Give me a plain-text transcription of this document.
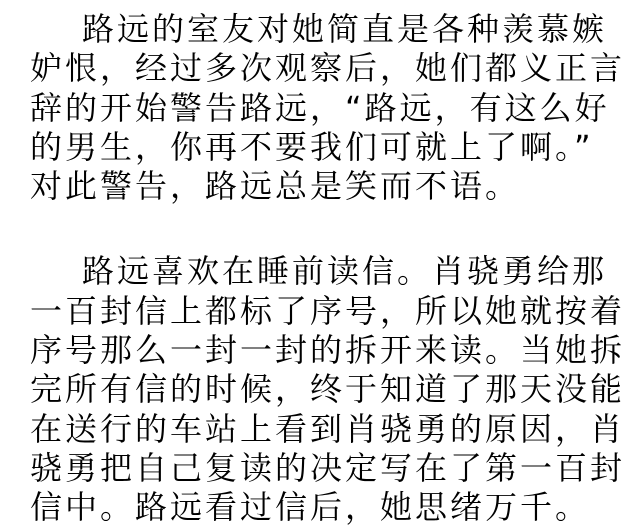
路远的室友对她简直是各种羡慕嫉
妒恨，经过多次观察后，她们都义正言
辞的开始警告路远，“路远，有这么好
的男生，你再不要我们可就上了啊。”
对此警告，路远总是笑而不语。
路远喜欢在睡前读信。肖骁勇给那
一百封信上都标了序号，所以她就按着
序号那么一封一封的拆开来读。当她拆
完所有信的时候，终于知道了那天没能
在送行的车站上看到肖骁勇的原因，肖
骁勇把自己复读的决定写在了第一百封
信中。路远看过信后，她思绪万千。
